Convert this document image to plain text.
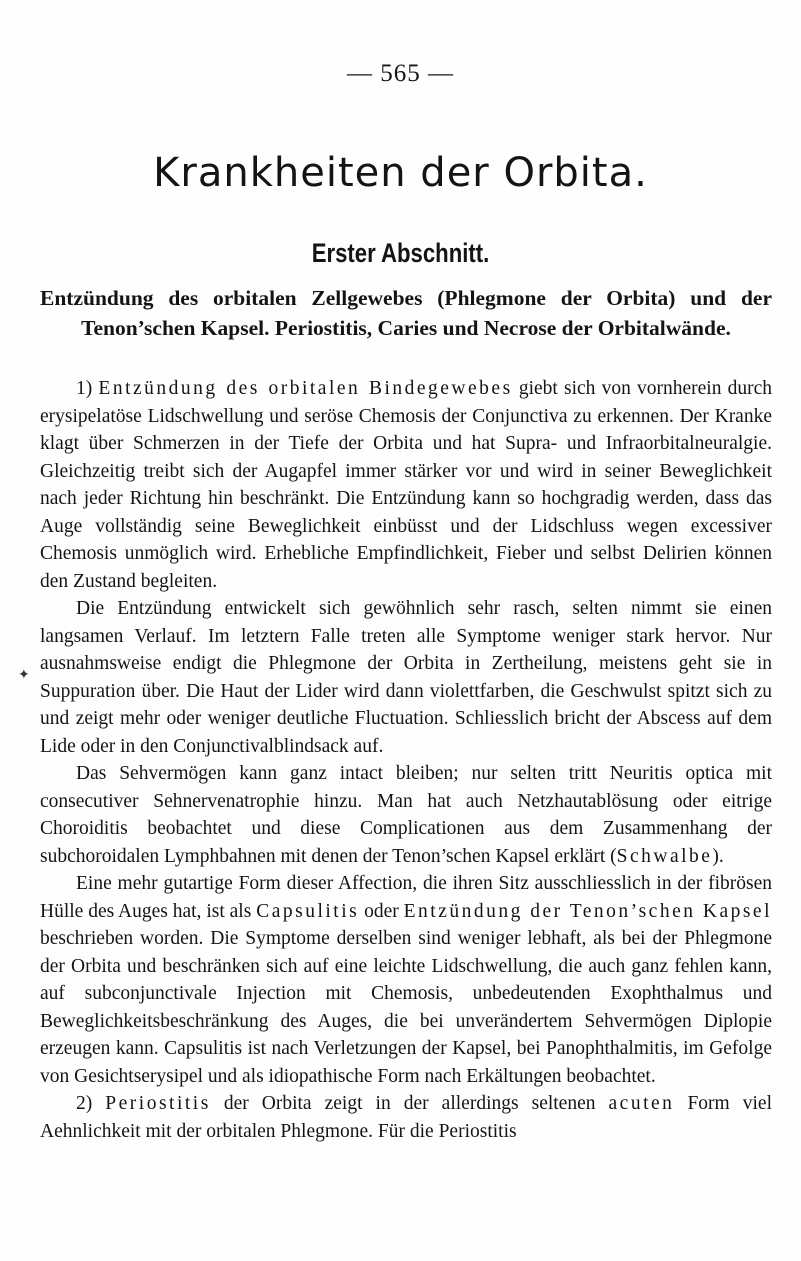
— 565 —
Krankheiten der Orbita.
Erster Abschnitt.
Entzündung des orbitalen Zellgewebes (Phlegmone der Orbita) und der Tenon’schen Kapsel. Periostitis, Caries und Necrose der Orbitalwände.
✦

1) Entzündung des orbitalen Bindegewebes giebt sich von vornherein durch erysipelatöse Lidschwellung und seröse Chemosis der Conjunctiva zu erkennen. Der Kranke klagt über Schmerzen in der Tiefe der Orbita und hat Supra- und Infraorbitalneuralgie. Gleichzeitig treibt sich der Augapfel immer stärker vor und wird in seiner Beweglichkeit nach jeder Richtung hin beschränkt. Die Entzündung kann so hochgradig werden, dass das Auge vollständig seine Beweglichkeit einbüsst und der Lidschluss wegen excessiver Chemosis unmöglich wird. Erhebliche Empfindlichkeit, Fieber und selbst Delirien können den Zustand begleiten.

Die Entzündung entwickelt sich gewöhnlich sehr rasch, selten nimmt sie einen langsamen Verlauf. Im letztern Falle treten alle Symptome weniger stark hervor. Nur ausnahmsweise endigt die Phlegmone der Orbita in Zertheilung, meistens geht sie in Suppuration über. Die Haut der Lider wird dann violettfarben, die Geschwulst spitzt sich zu und zeigt mehr oder weniger deutliche Fluctuation. Schliesslich bricht der Abscess auf dem Lide oder in den Conjunctivalblindsack auf.

Das Sehvermögen kann ganz intact bleiben; nur selten tritt Neuritis optica mit consecutiver Sehnervenatrophie hinzu. Man hat auch Netzhautablösung oder eitrige Choroiditis beobachtet und diese Complicationen aus dem Zusammenhang der subchoroidalen Lymphbahnen mit denen der Tenon’schen Kapsel erklärt (Schwalbe).

Eine mehr gutartige Form dieser Affection, die ihren Sitz ausschliesslich in der fibrösen Hülle des Auges hat, ist als Capsulitis oder Entzündung der Tenon’schen Kapsel beschrieben worden. Die Symptome derselben sind weniger lebhaft, als bei der Phlegmone der Orbita und beschränken sich auf eine leichte Lidschwellung, die auch ganz fehlen kann, auf subconjunctivale Injection mit Chemosis, unbedeutenden Exophthalmus und Beweglichkeitsbeschränkung des Auges, die bei unverändertem Sehvermögen Diplopie erzeugen kann. Capsulitis ist nach Verletzungen der Kapsel, bei Panophthalmitis, im Gefolge von Gesichtserysipel und als idiopathische Form nach Erkältungen beobachtet.

2) Periostitis der Orbita zeigt in der allerdings seltenen acuten Form viel Aehnlichkeit mit der orbitalen Phlegmone. Für die Periostitis
